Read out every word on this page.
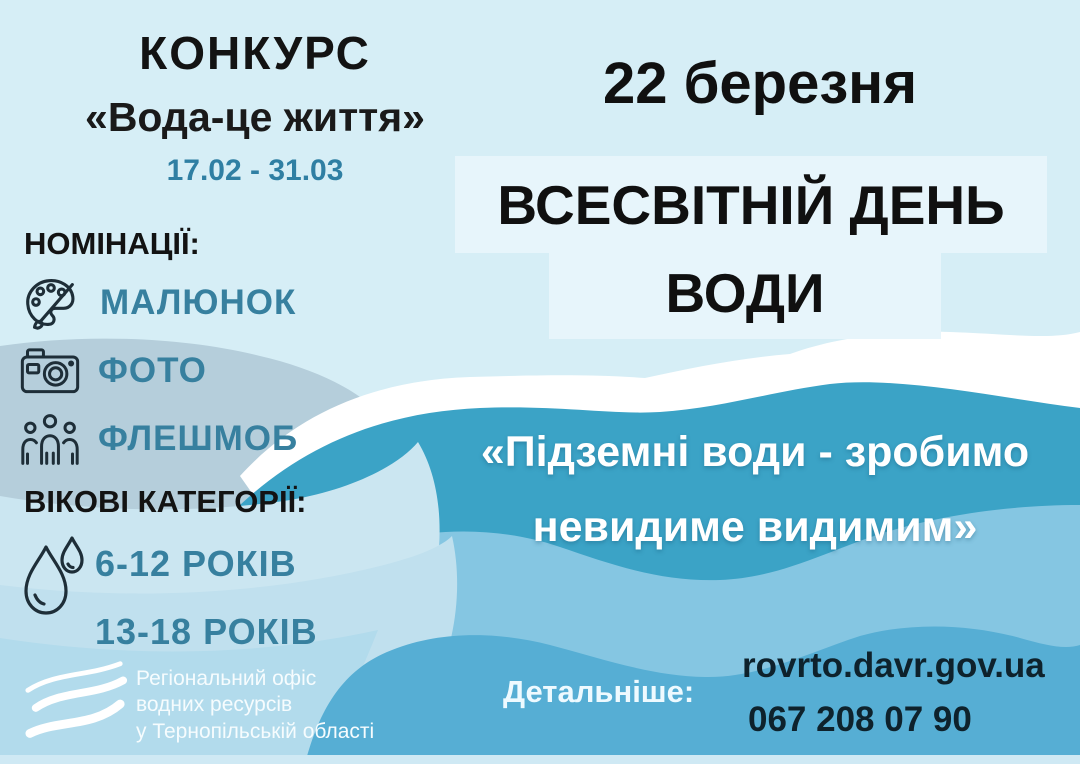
КОНКУРС
«Вода-це життя»
17.02 - 31.03
НОМІНАЦІЇ:
МАЛЮНОК
ФОТО
ФЛЕШМОБ
ВІКОВІ КАТЕГОРІЇ:
6-12 РОКІВ
13-18 РОКІВ
Регіональний офіс
водних ресурсів
у Тернопільській області
22 березня
ВСЕСВІТНІЙ ДЕНЬ
ВОДИ
«Підземні води - зробимо
невидиме видимим»
Детальніше:
rovrto.davr.gov.ua
067 208 07 90
